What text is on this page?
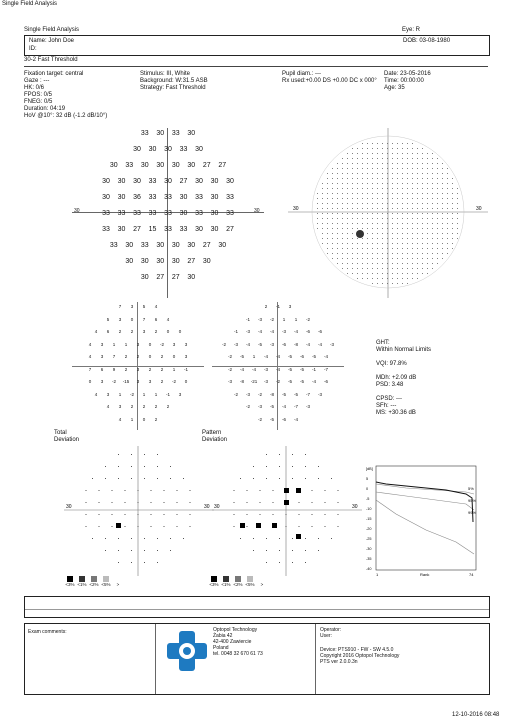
Single Field Analysis
Single Field Analysis	Eye: R
Name: John Doe
ID:
DOB: 03-08-1980
30-2 Fast Threshold
Fixation target: central
Gaze : ---
HK: 0/6
FPOS: 0/5
FNEG: 0/5
Duration: 04:19
HoV @10°: 32 dB (-1.2 dB/10°)
Stimulus: III, White
Background: W:31.5 ASB
Strategy: Fast Threshold
Pupil diam.: ---
Rx used:+0.00 DS +0.00 DC x 000°
Date: 23-05-2016
Time: 00:00:00
Age: 35
30	30
33	30	33	30
30	30	30	33	30
30	33	30	30	30	30	27	27
30	30	30	33	30	27	30	30	30
30	30	36	33	33	30	33	30	33
33	33	33	33	33	30	33	30	33
33	30	27	15	33	33	30	30	27
33	30	33	30	30	30	27	30
30	30	30	30	27	30
30	27	27	30
30	30
7	3	5	4
5	3	0	7	6	4
4	6	2	2	3	2	0	0
4	3	1	1	3	0	-2	3	3
4	3	7	2	2	0	2	0	3
7	6	9	2	3	2	2	1	-1
0	3	-2	-15	3	3	2	-2	0
4	3	1	-2	1	1	-1	3
4	3	2	2	2	2
4	1	0	2
2	-1	3
-1	-3	-2	1	1	-2
-1	-3	-4	-4	-3	-4	-6	-6
-2	-3	-4	-5	-3	-6	-8	-4	-4	-3
-2	-5	1	-4	-4	-5	-6	-5	-4
-2	-4	-4	-3	-4	-5	-5	-1	-7
-3	-8	-21	-3	-2	-5	-5	-4	-6
-2	-3	-2	-8	-5	-5	-7	-3
-2	-3	-5	-4	-7	-3
-2	-5	-6	-4
GHT:
Within Normal Limits
VQI: 97.8%
MDh: +2.09 dB
PSD: 3.48
CPSD: ---
SFh: ---
MS: +30.36 dB
Total
Deviation
Pattern
Deviation
30	30 30	30
<3% <1% <2% <5%	>	<3% <1% <2% <5%	>
[dB]
5
0
-5
-10
-15
-20
-25
-30
-35
-40
5%
95%
99%
1	Rank	74
Exam comments:	Optopol Technology
Żabia 42
42-400 Zawiercie
Poland
tel. 0048 32 670 61 73
Operator:
User:
Device: PTS910 - FW - SW 4.5.0
Copyright 2016 Optopol Technology
PTS ver 2.0.0.3n
12-10-2016 08:48
